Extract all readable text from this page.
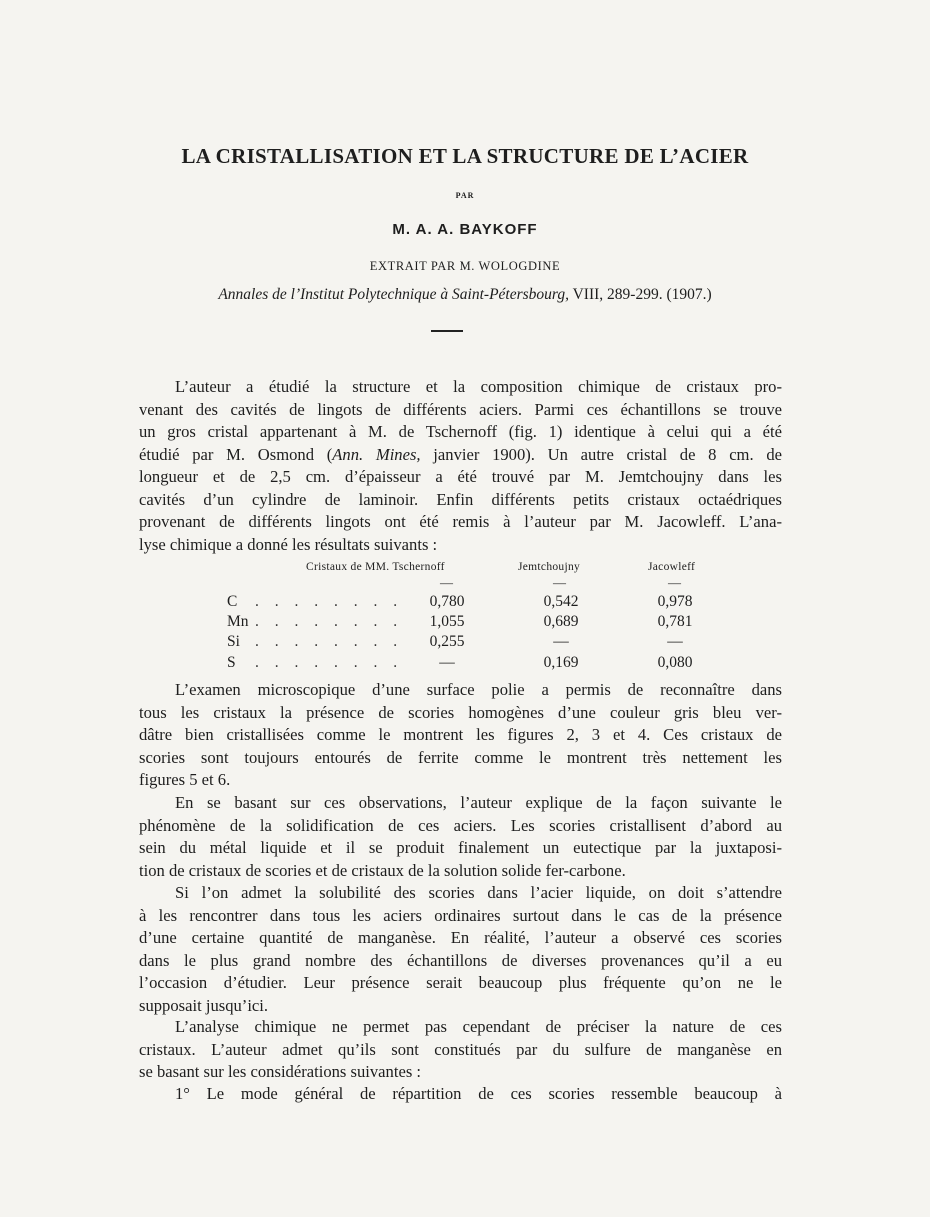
LA CRISTALLISATION ET LA STRUCTURE DE L’ACIER
PAR
M. A. A. BAYKOFF
EXTRAIT PAR M. WOLOGDINE
Annales de l’Institut Polytechnique à Saint-Pétersbourg, VIII, 289-299. (1907.)
L’auteur a étudié la structure et la composition chimique de cristaux pro-
venant des cavités de lingots de différents aciers. Parmi ces échantillons se trouve
un gros cristal appartenant à M. de Tschernoff (fig. 1) identique à celui qui a été
étudié par M. Osmond (Ann. Mines, janvier 1900). Un autre cristal de 8 cm. de
longueur et de 2,5 cm. d’épaisseur a été trouvé par M. Jemtchoujny dans les
cavités d’un cylindre de laminoir. Enfin différents petits cristaux octaédriques
provenant de différents lingots ont été remis à l’auteur par M. Jacowleff. L’ana-
lyse chimique a donné les résultats suivants :
Cristaux de MM. Tschernoff	Jemtchoujny	Jacowleff
—	—	—
C . . . . . . . . 0,780	0,542	0,978
Mn . . . . . . . . 1,055	0,689	0,781
Si . . . . . . . . 0,255	—	—
S . . . . . . . .	—	0,169	0,080
L’examen microscopique d’une surface polie a permis de reconnaître dans
tous les cristaux la présence de scories homogènes d’une couleur gris bleu ver-
dâtre bien cristallisées comme le montrent les figures 2, 3 et 4. Ces cristaux de
scories sont toujours entourés de ferrite comme le montrent très nettement les
figures 5 et 6.
En se basant sur ces observations, l’auteur explique de la façon suivante le
phénomène de la solidification de ces aciers. Les scories cristallisent d’abord au
sein du métal liquide et il se produit finalement un eutectique par la juxtaposi-
tion de cristaux de scories et de cristaux de la solution solide fer-carbone.
Si l’on admet la solubilité des scories dans l’acier liquide, on doit s’attendre
à les rencontrer dans tous les aciers ordinaires surtout dans le cas de la présence
d’une certaine quantité de manganèse. En réalité, l’auteur a observé ces scories
dans le plus grand nombre des échantillons de diverses provenances qu’il a eu
l’occasion d’étudier. Leur présence serait beaucoup plus fréquente qu’on ne le
supposait jusqu’ici.
L’analyse chimique ne permet pas cependant de préciser la nature de ces
cristaux. L’auteur admet qu’ils sont constitués par du sulfure de manganèse en
se basant sur les considérations suivantes :
1° Le mode général de répartition de ces scories ressemble beaucoup à
